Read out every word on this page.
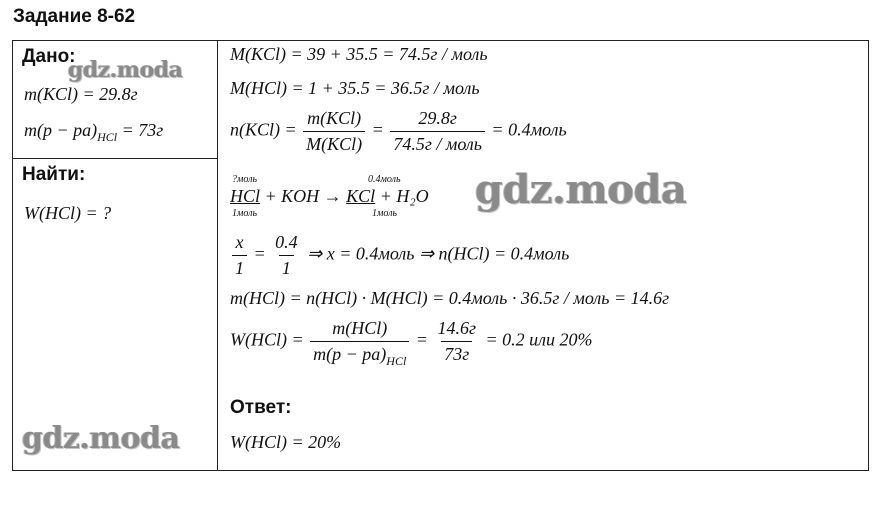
Задание 8-62
Дано:
m(KCl) = 29.8г
$m(p - pa)_{HCl} = 73г$
Найти:
W(HCl) = ?
M(KCl) = 39 + 35.5 = 74.5г / моль
M(HCl) = 1 + 35.5 = 36.5г / моль
$n(KCl) = \frac{\text{m(KCl)}}{\text{M(KCl)}} = \frac{29.8г}{\text{74.5г / моль}}$ = 0.4моль
?моль
1моль
0.4моль
1моль
HCl + KOH → KCl + H₂O
$\frac{x}{1} = \frac{0.4}{1}$ ⇒ x = 0.4моль ⇒ n(HCl) = 0.4моль
m(HCl) = n(HCl) · M(HCl) = 0.4моль · 36.5г / моль = 14.6г
$W(HCl) = \frac{\text{m(HCl)}}{m(p - pa)_{HCl}} = \frac{14.6г}{73г} = 0.2$ или 20%
Ответ:
W(HCl) = 20%
gdz.moda
gdz.moda
gdz.moda
